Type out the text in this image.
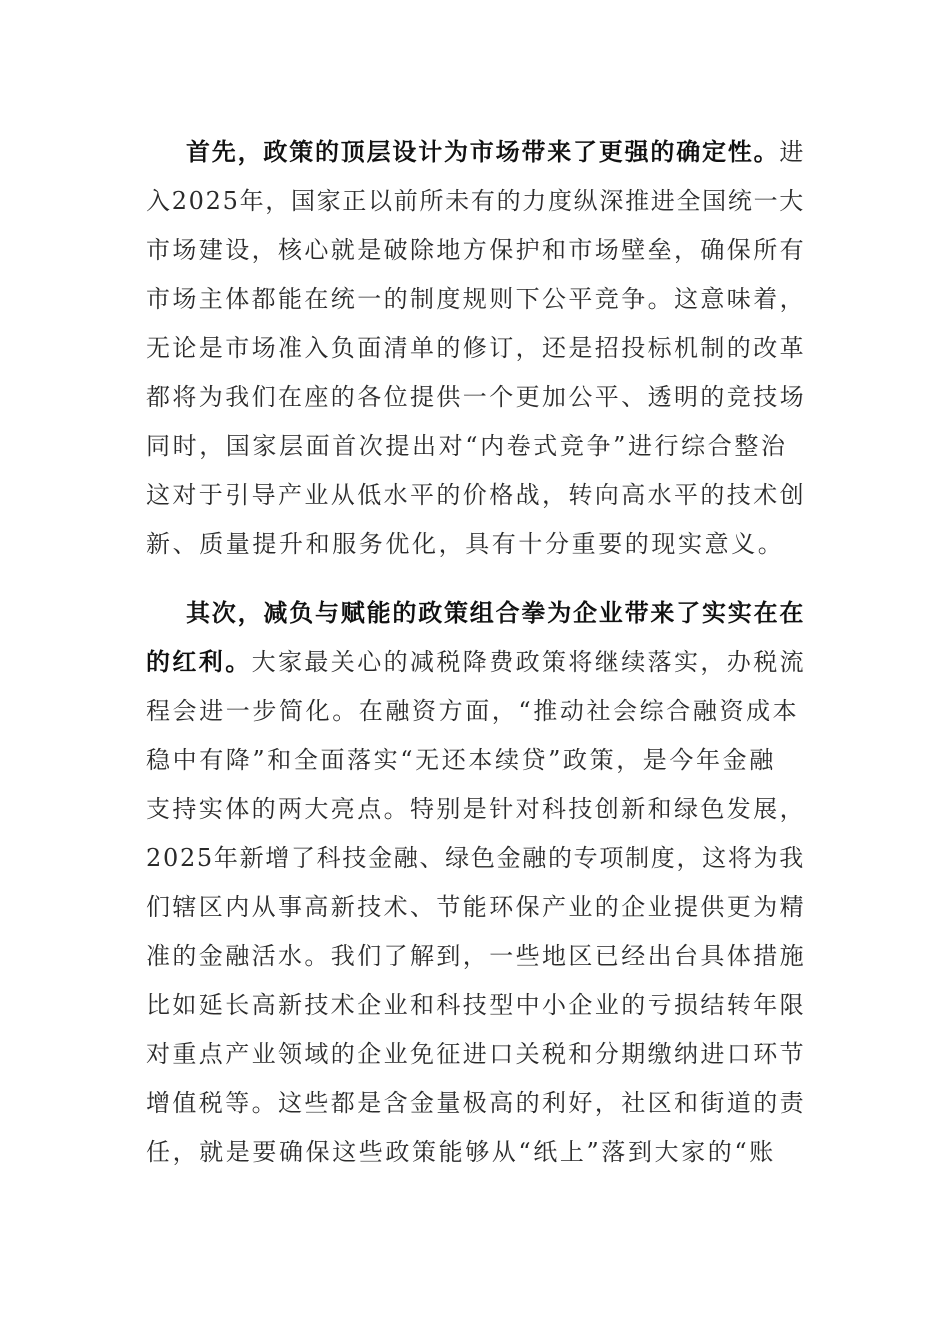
首先，政策的顶层设计为市场带来了更强的确定性。进
入2025年，国家正以前所未有的力度纵深推进全国统一大
市场建设，核心就是破除地方保护和市场壁垒，确保所有
市场主体都能在统一的制度规则下公平竞争。这意味着，
无论是市场准入负面清单的修订，还是招投标机制的改革
都将为我们在座的各位提供一个更加公平、透明的竞技场
同时，国家层面首次提出对“内卷式竞争”进行综合整治
这对于引导产业从低水平的价格战，转向高水平的技术创
新、质量提升和服务优化，具有十分重要的现实意义。
其次，减负与赋能的政策组合拳为企业带来了实实在在
的红利。大家最关心的减税降费政策将继续落实，办税流
程会进一步简化。在融资方面，“推动社会综合融资成本
稳中有降”和全面落实“无还本续贷”政策，是今年金融
支持实体的两大亮点。特别是针对科技创新和绿色发展，
2025年新增了科技金融、绿色金融的专项制度，这将为我
们辖区内从事高新技术、节能环保产业的企业提供更为精
准的金融活水。我们了解到，一些地区已经出台具体措施
比如延长高新技术企业和科技型中小企业的亏损结转年限
对重点产业领域的企业免征进口关税和分期缴纳进口环节
增值税等。这些都是含金量极高的利好，社区和街道的责
任，就是要确保这些政策能够从“纸上”落到大家的“账
